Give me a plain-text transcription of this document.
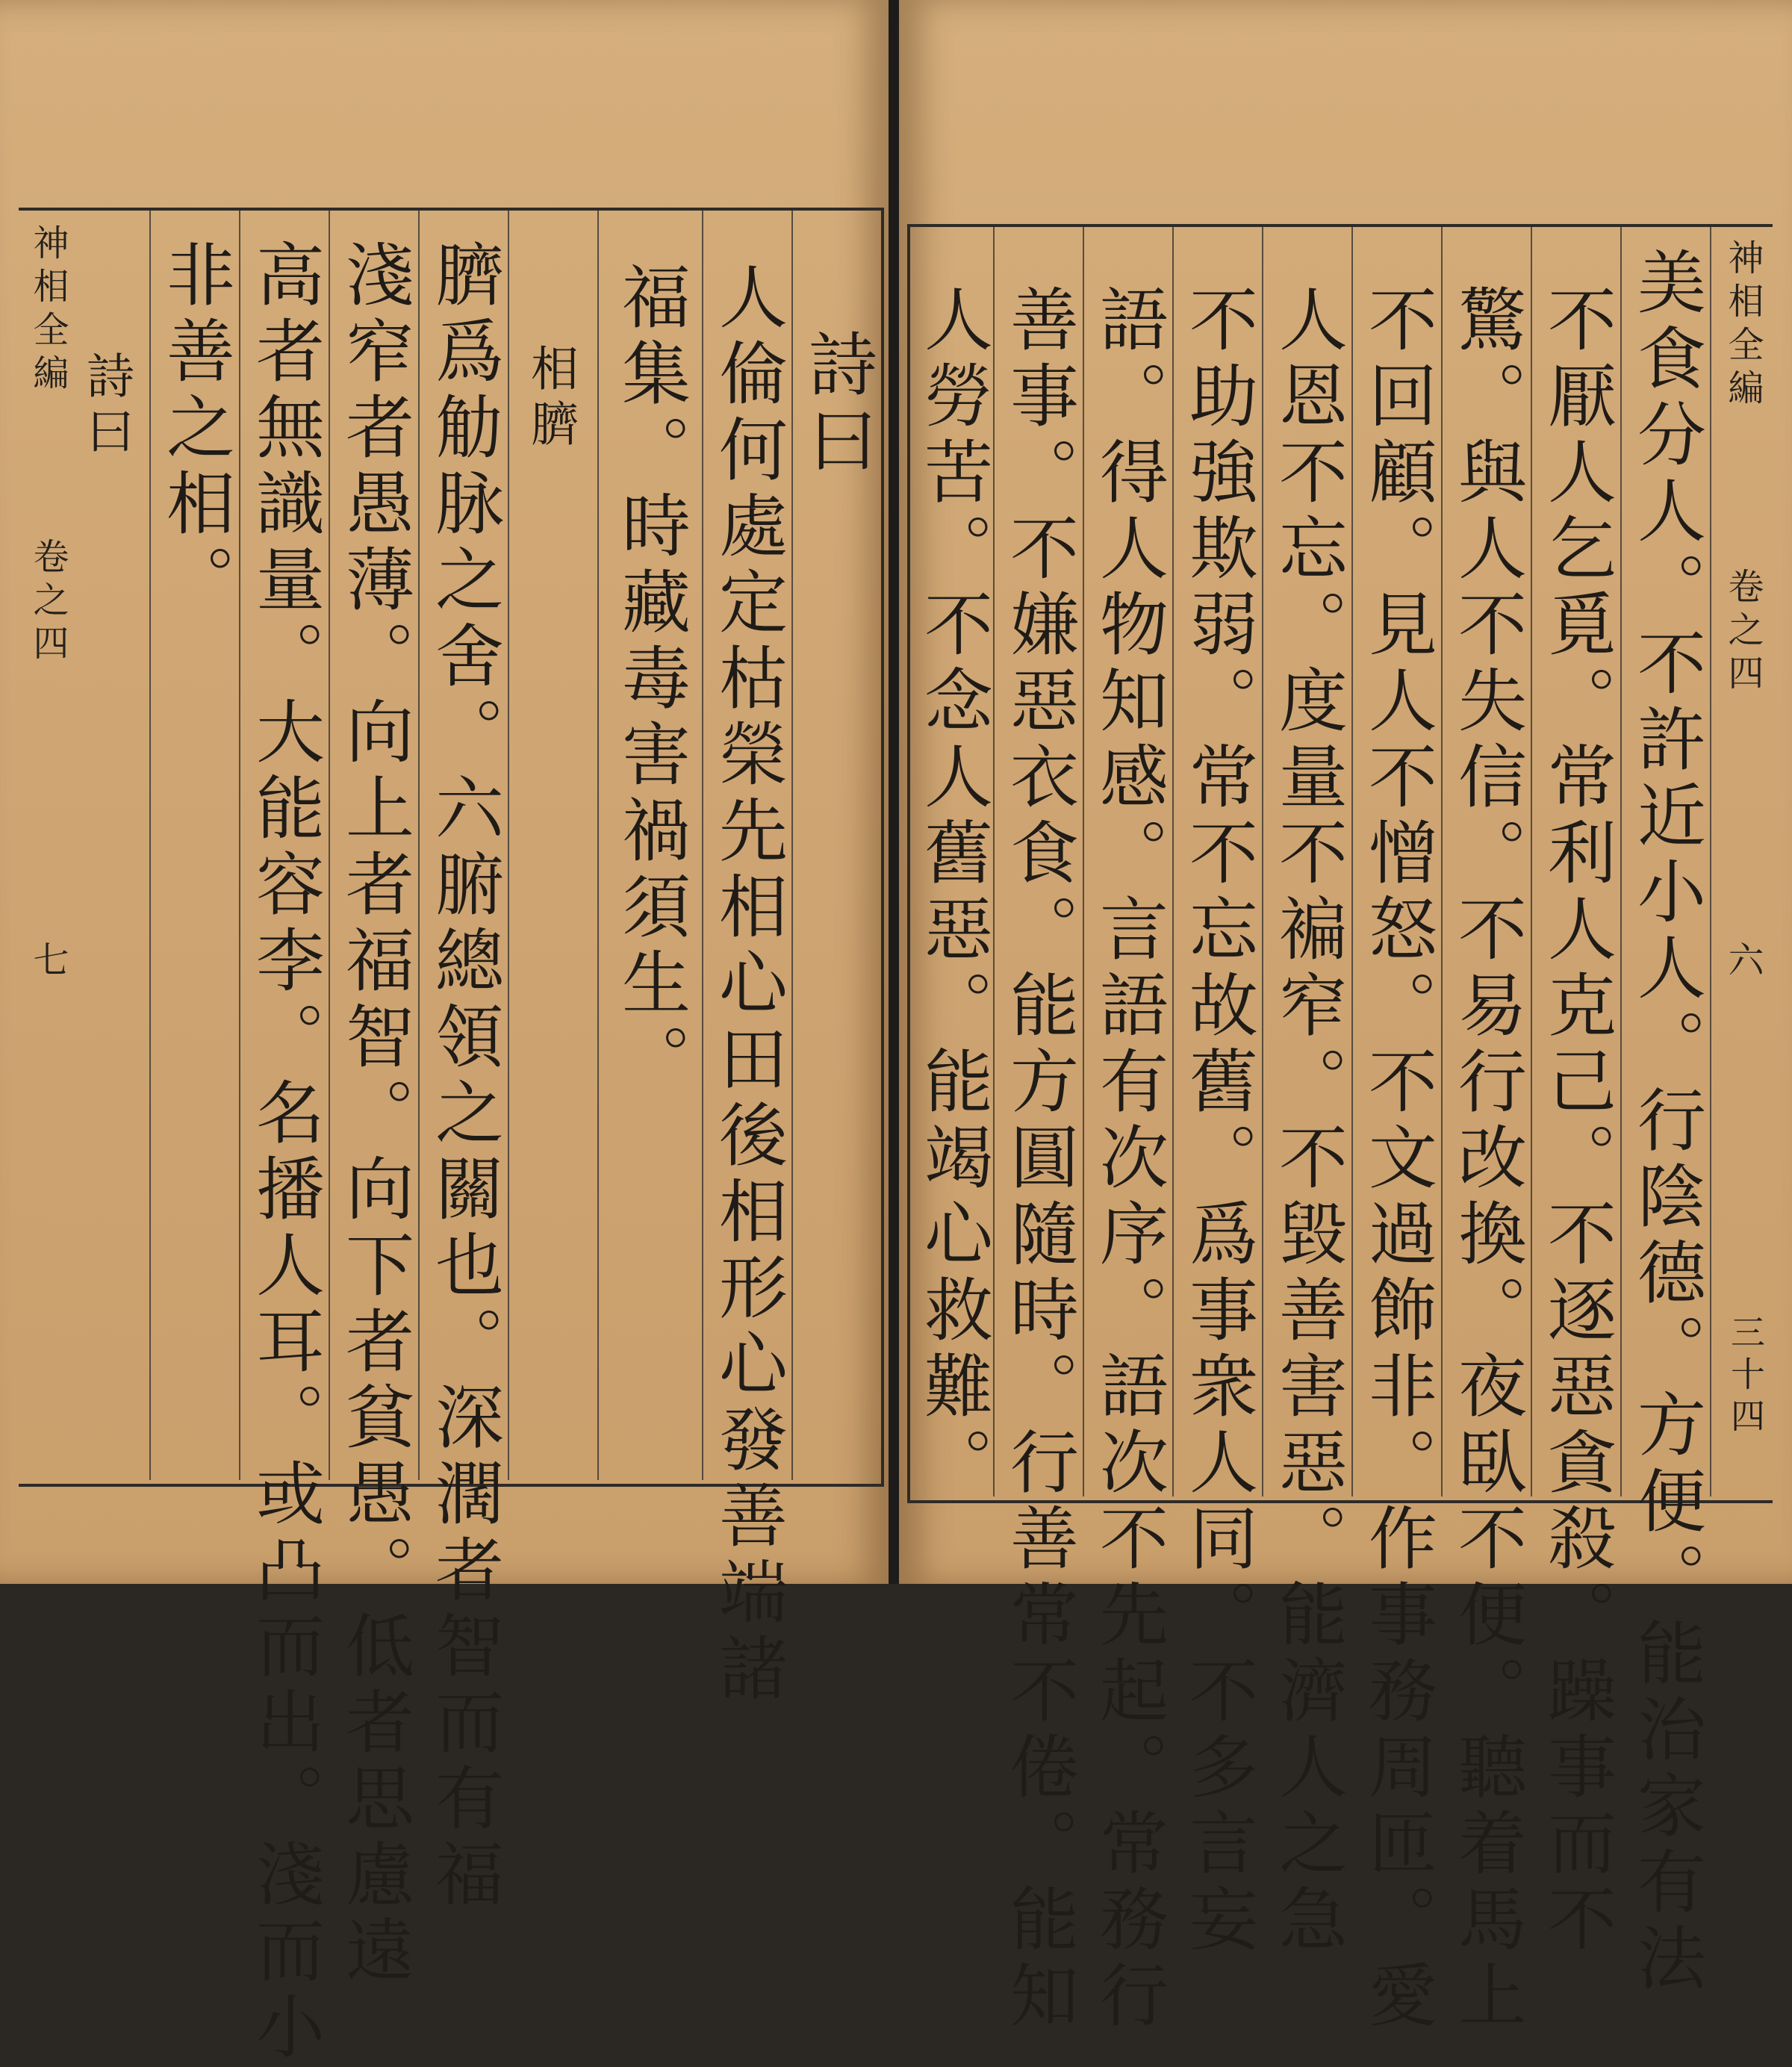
神相全編
卷之四
七
詩曰 非善之相。 高者無識量。大能容李。名播人耳。或凸而出。淺而小 淺窄者愚薄。向上者福智。向下者貧愚。低者思慮遠 臍爲觔脉之舍。六腑總領之關也。深濶者智而有福 相臍 福集。時藏毒害禍須生。 人倫何處定枯榮先相心田後相形心發善端諸 詩曰 人勞苦。不念人舊惡。能竭心救難。 善事。不嫌惡衣食。能方圓隨時。行善常不倦。能知 語。得人物知感。言語有次序。語次不先起。常務行 不助強欺弱。常不忘故舊。爲事衆人同。不多言妄 人恩不忘。度量不褊窄。不毀善害惡。能濟人之急 不回顧。見人不憎怒。不文過飾非。作事務周匝。愛 驚。與人不失信。不易行改換。夜臥不便。聽着馬上 不厭人乞覓。常利人克己。不逐惡貪殺。躁事而不 美食分人。不許近小人。行陰德。方便。能治家有法 神相全編
卷之四
六
三十四
